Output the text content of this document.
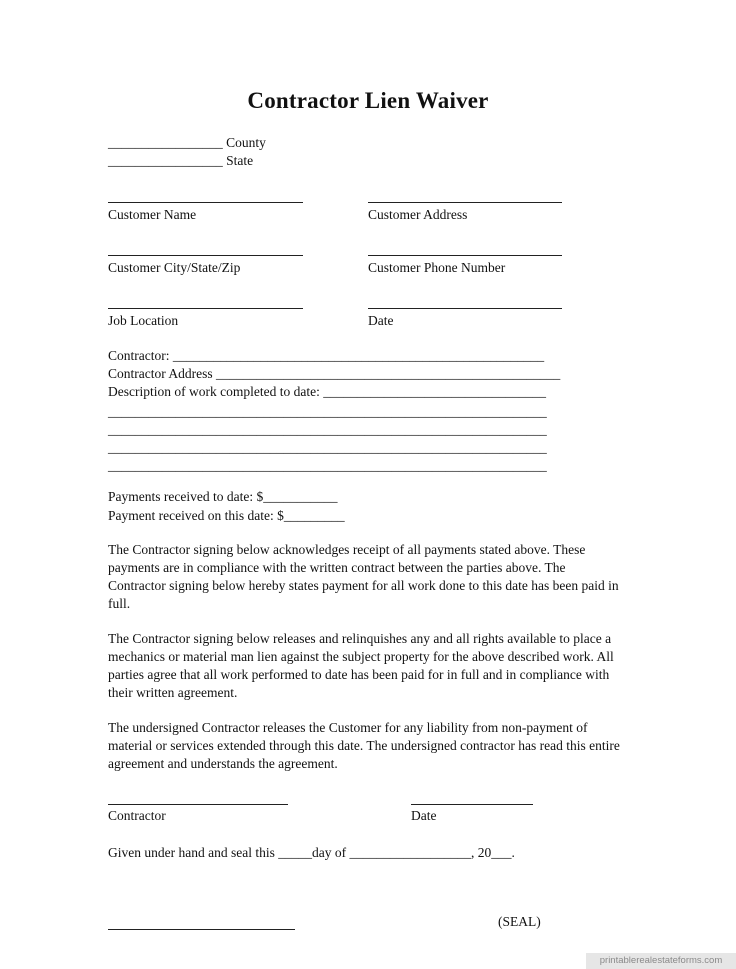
Contractor Lien Waiver
_________________ County
_________________ State
Customer Name	Customer Address
Customer City/State/Zip	Customer Phone Number
Job Location	Date
Contractor: _______________________________________________________
Contractor Address ___________________________________________________
Description of work completed to date: _________________________________
_________________________________________________________________
_________________________________________________________________
_________________________________________________________________
_________________________________________________________________
Payments received to date: $___________
Payment received on this date: $_________
The Contractor signing below acknowledges receipt of all payments stated above. These
payments are in compliance with the written contract between the parties above. The
Contractor signing below hereby states payment for all work done to this date has been paid in
full.
The Contractor signing below releases and relinquishes any and all rights available to place a
mechanics or material man lien against the subject property for the above described work. All
parties agree that all work performed to date has been paid for in full and in compliance with
their written agreement.
The undersigned Contractor releases the Customer for any liability from non-payment of
material or services extended through this date. The undersigned contractor has read this entire
agreement and understands the agreement.
Contractor	Date
Given under hand and seal this _____day of __________________, 20___.
(SEAL)
printablerealestateforms.com
